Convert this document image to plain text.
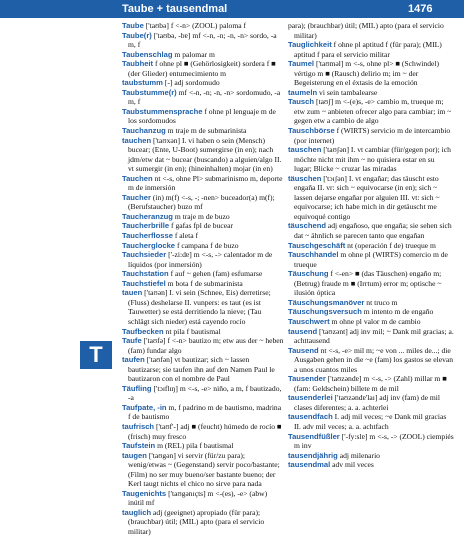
Taube + tausendmal	1476
T

Taube ['taʊbə] f <-n> (ZOOL) paloma f

Taube(r) ['taʊbə, -bɐ] mf <-n, -n; -n, -n> sordo, -a m, f

Taubenschlag m palomar m

Taubheit f ohne pl ■ (Gehörlosigkeit) sordera f ■ (der Glieder) entumecimiento m

taubstumm [-] adj sordomudo

Taubstumme(r) mf <-n, -n; -n, -n> sordomudo, -a m, f

Taubstummensprache f ohne pl lenguaje m de los sordomudos

Tauchanzug m traje m de submarinista

tauchen ['taʊxən] I. vi haben o sein (Mensch) bucear; (Ente, U-Boot) sumergirse (in en); nach jdm/etw dat ~ bucear (buscando) a alguien/algo II. vt sumergir (in en); (hineinhalten) mojar (in en)

Tauchen nt <-s, ohne Pl> submarinismo m, deporte m de inmersión

Taucher (in) m(f) <-s, -; -nen> buceador(a) m(f); (Berufstaucher) buzo mf

Taucheranzug m traje m de buzo

Taucherbrille f gafas fpl de bucear

Taucherflosse f aleta f

Taucherglocke f campana f de buzo

Tauchsieder ['-zi:dɐ] m <-s, -> calentador m de líquidos (por inmersión)

Tauchstation f auf ~ gehen (fam) esfumarse

Tauchstiefel m bota f de submarinista

tauen ['taʊən] I. vi sein (Schnee, Eis) derretirse; (Fluss) deshelarse II. vunpers: es taut (es ist Tauwetter) se está derritiendo la nieve; (Tau schlägt sich nieder) está cayendo rocío

Taufbecken nt pila f bautismal

Taufe ['taʊfə] f <-n> bautizo m; etw aus der ~ heben (fam) fundar algo

taufen ['taʊfən] vt bautizar; sich ~ lassen bautizarse; sie taufen ihn auf den Namen Paul le bautizaron con el nombre de Paul

Täufling ['tɔɪflɪŋ] m <-s, -e> niño, a m, f bautizado, -a

Taufpate, -in m, f padrino m de bautismo, madrina f de bautismo

taufrisch ['taʊf'-] adj ■ (feucht) húmedo de rocío ■ (frisch) muy fresco

Taufstein m (REL) pila f bautismal

taugen ['taʊgən] vi servir (für/zu para); wenig/etwas ~ (Gegenstand) servir poco/bastante; (Film) no ser muy bueno/ser bastante bueno; der Kerl taugt nichts el chico no sirve para nada

Taugenichts ['taʊgənɪçts] m <-(es), -e> (abw) inútil mf

tauglich adj (geeignet) apropiado (für para); (brauchbar) útil; (MIL) apto (para el servicio militar)

para); (brauchbar) útil; (MIL) apto (para el servicio militar)

Tauglichkeit f ohne pl aptitud f (für para); (MIL) aptitud f para el servicio militar

Taumel ['taʊməl] m <-s, ohne pl> ■ (Schwindel) vértigo m ■ (Rausch) delirio m; im ~ der Begeisterung en el éxtasis de la emoción

taumeln vi sein tambalearse

Tausch [taʊʃ] m <-(e)s, -e> cambio m, trueque m; etw zum ~ anbieten ofrecer algo para cambiar; im ~ gegen etw a cambio de algo

Tauschbörse f (WIRTS) servicio m de intercambio (por internet)

tauschen ['taʊʃən] I. vt cambiar (für/gegen por); ich möchte nicht mit ihm ~ no quisiera estar en su lugar; Blicke ~ cruzar las miradas

täuschen ['tɔɪʃən] I. vt engañar; das täuscht esto engaña II. vr: sich ~ equivocarse (in en); sich ~ lassen dejarse engañar por alguien III. vt: sich ~ equivocarse; ich habe mich in dir getäuscht me equivoqué contigo

täuschend adj engañoso, que engaña; sie sehen sich dat ~ ähnlich se parecen tanto que engañan

Tauschgeschäft nt (operación f de) trueque m

Tauschhandel m ohne pl (WIRTS) comercio m de trueque

Täuschung f <-en> ■ (das Täuschen) engaño m; (Betrug) fraude m ■ (Irrtum) error m; optische ~ ilusión óptica

Täuschungsmanöver nt truco m

Täuschungsversuch m intento m de engaño

Tauschwert m ohne pl valor m de cambio

tausend ['taʊzənt] adj inv mil; ~ Dank mil gracias; a. achttausend

Tausend nt <-s, -e> mil m; ~e von ... miles de...; die Ausgaben gehen in die ~e (fam) los gastos se elevan a unos cuantos miles

Tausender ['taʊzəndɐ] m <-s, -> (Zahl) millar m ■ (fam: Geldschein) billete m de mil

tausenderlei ['taʊzəndɐ'laɪ] adj inv (fam) de mil clases diferentes; a. a. achterlei

tausendfach I. adj mil veces; ~e Dank mil gracias II. adv mil veces; a. a. achtfach

Tausendfüßler ['-fy:slɐ] m <-s, -> (ZOOL) ciempiés m inv

tausendjährig adj milenario

tausendmal adv mil veces
